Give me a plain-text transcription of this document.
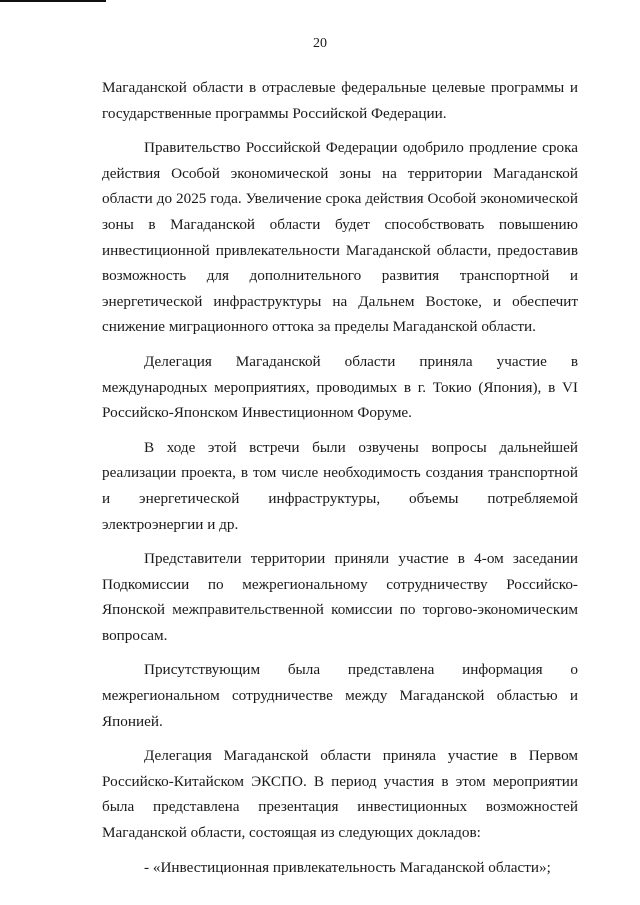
20

Магаданской области в отраслевые федеральные целевые программы и государственные программы Российской Федерации.

Правительство Российской Федерации одобрило продление срока действия Особой экономической зоны на территории Магаданской области до 2025 года. Увеличение срока действия Особой экономической зоны в Магаданской области будет способствовать повышению инвестиционной привлекательности Магаданской области, предоставив возможность для дополнительного развития транспортной и энергетической инфраструктуры на Дальнем Востоке, и обеспечит снижение миграционного оттока за пределы Магаданской области.

Делегация Магаданской области приняла участие в международных мероприятиях, проводимых в г. Токио (Япония), в VI Российско-Японском Инвестиционном Форуме.

В ходе этой встречи были озвучены вопросы дальнейшей реализации проекта, в том числе необходимость создания транспортной и энергетической инфраструктуры, объемы потребляемой электроэнергии и др.

Представители территории приняли участие в 4-ом заседании Подкомиссии по межрегиональному сотрудничеству Российско-Японской межправительственной комиссии по торгово-экономическим вопросам.

Присутствующим была представлена информация о межрегиональном сотрудничестве между Магаданской областью и Японией.

Делегация Магаданской области приняла участие в Первом Российско-Китайском ЭКСПО. В период участия в этом мероприятии была представлена презентация инвестиционных возможностей Магаданской области, состоящая из следующих докладов:

- «Инвестиционная привлекательность Магаданской области»;
